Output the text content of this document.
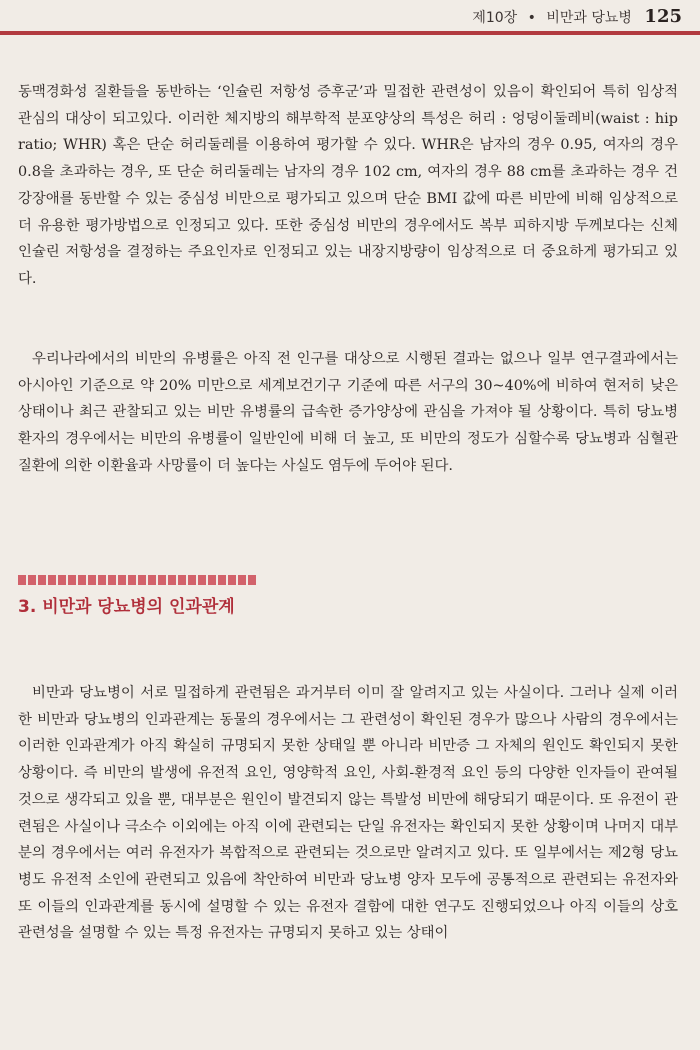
제10장 • 비만과 당뇨병 125

동맥경화성 질환들을 동반하는 ‘인슐린 저항성 증후군’과 밀접한 관련성이 있음이 확인되어 특히 임상적 관심의 대상이 되고있다. 이러한 체지방의 해부학적 분포양상의 특성은 허리 : 엉덩이둘레비(waist : hip ratio; WHR) 혹은 단순 허리둘레를 이용하여 평가할 수 있다. WHR은 남자의 경우 0.95, 여자의 경우 0.8을 초과하는 경우, 또 단순 허리둘레는 남자의 경우 102 cm, 여자의 경우 88 cm를 초과하는 경우 건강장애를 동반할 수 있는 중심성 비만으로 평가되고 있으며 단순 BMI 값에 따른 비만에 비해 임상적으로 더 유용한 평가방법으로 인정되고 있다. 또한 중심성 비만의 경우에서도 복부 피하지방 두께보다는 신체 인슐린 저항성을 결정하는 주요인자로 인정되고 있는 내장지방량이 임상적으로 더 중요하게 평가되고 있다.

우리나라에서의 비만의 유병률은 아직 전 인구를 대상으로 시행된 결과는 없으나 일부 연구결과에서는 아시아인 기준으로 약 20% 미만으로 세계보건기구 기준에 따른 서구의 30~40%에 비하여 현저히 낮은 상태이나 최근 관찰되고 있는 비만 유병률의 급속한 증가양상에 관심을 가져야 될 상황이다. 특히 당뇨병 환자의 경우에서는 비만의 유병률이 일반인에 비해 더 높고, 또 비만의 정도가 심할수록 당뇨병과 심혈관질환에 의한 이환율과 사망률이 더 높다는 사실도 염두에 두어야 된다.

3. 비만과 당뇨병의 인과관계

비만과 당뇨병이 서로 밀접하게 관련됨은 과거부터 이미 잘 알려지고 있는 사실이다. 그러나 실제 이러한 비만과 당뇨병의 인과관계는 동물의 경우에서는 그 관련성이 확인된 경우가 많으나 사람의 경우에서는 이러한 인과관계가 아직 확실히 규명되지 못한 상태일 뿐 아니라 비만증 그 자체의 원인도 확인되지 못한 상황이다. 즉 비만의 발생에 유전적 요인, 영양학적 요인, 사회-환경적 요인 등의 다양한 인자들이 관여될 것으로 생각되고 있을 뿐, 대부분은 원인이 발견되지 않는 특발성 비만에 해당되기 때문이다. 또 유전이 관련됨은 사실이나 극소수 이외에는 아직 이에 관련되는 단일 유전자는 확인되지 못한 상황이며 나머지 대부분의 경우에서는 여러 유전자가 복합적으로 관련되는 것으로만 알려지고 있다. 또 일부에서는 제2형 당뇨병도 유전적 소인에 관련되고 있음에 착안하여 비만과 당뇨병 양자 모두에 공통적으로 관련되는 유전자와 또 이들의 인과관계를 동시에 설명할 수 있는 유전자 결함에 대한 연구도 진행되었으나 아직 이들의 상호관련성을 설명할 수 있는 특정 유전자는 규명되지 못하고 있는 상태이
